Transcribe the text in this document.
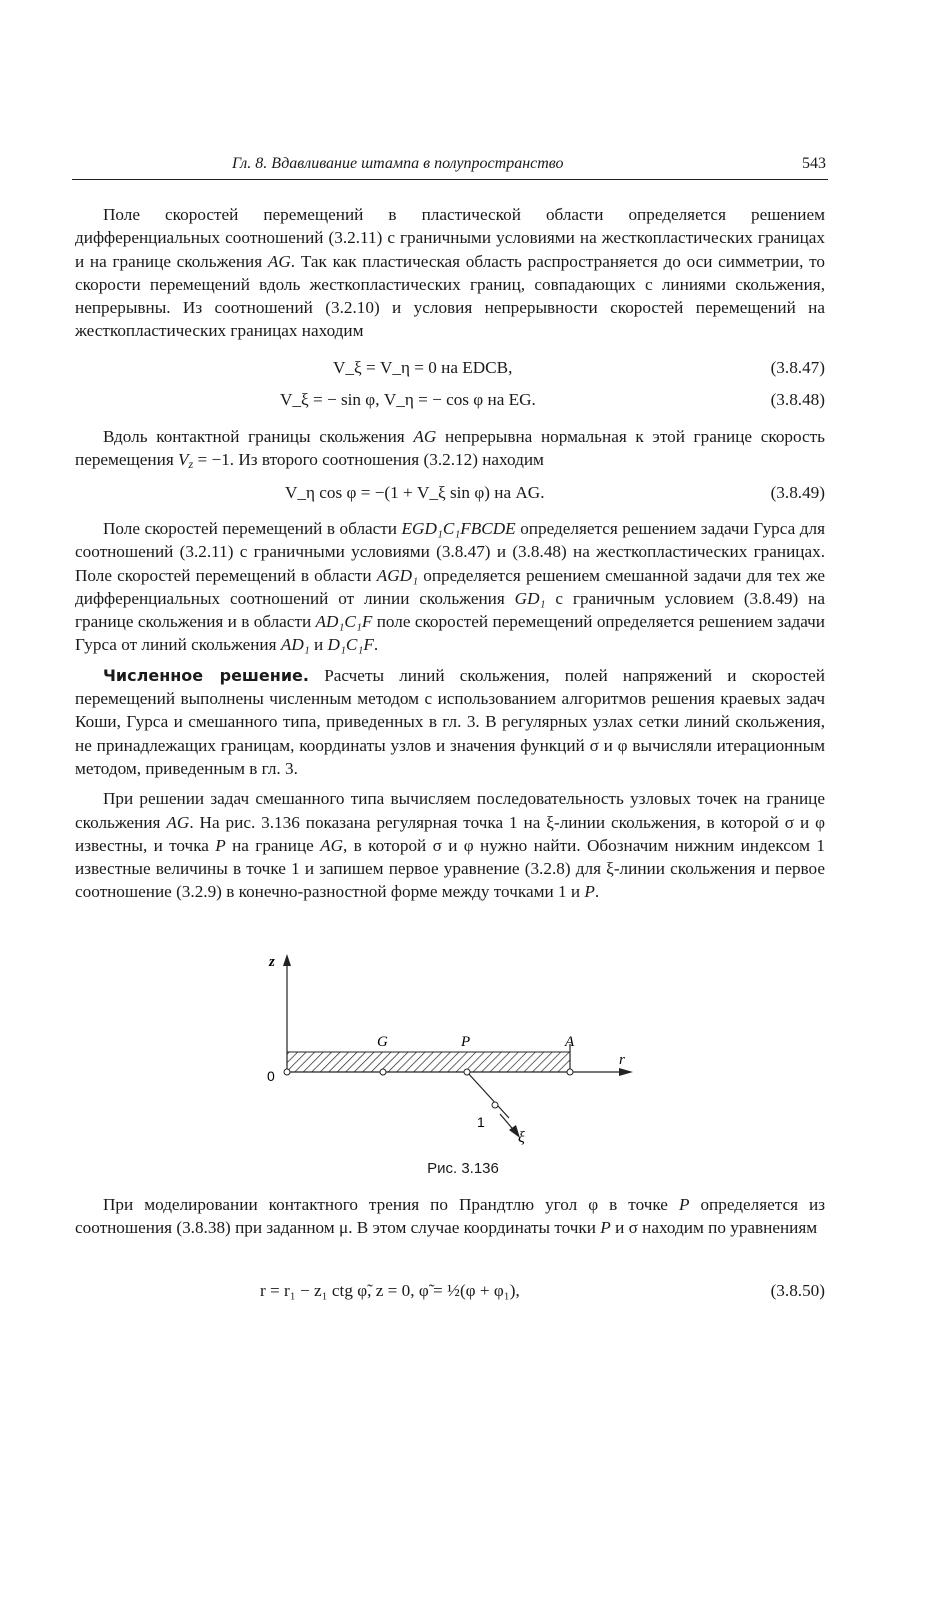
Гл. 8. Вдавливание штампа в полупространство	543

Поле скоростей перемещений в пластической области определяется решением дифференциальных соотношений (3.2.11) с граничными условиями на жесткопластических границах и на границе скольжения AG. Так как пластическая область распространяется до оси симметрии, то скорости перемещений вдоль жесткопластических границ, совпадающих с линиями скольжения, непрерывны. Из соотношений (3.2.10) и условия непрерывности скоростей перемещений на жесткопластических границах находим

V_ξ = V_η = 0 на EDCB,	(3.8.47)
V_ξ = − sin φ, V_η = − cos φ на EG.	(3.8.48)

Вдоль контактной границы скольжения AG непрерывна нормальная к этой границе скорость перемещения $V_z = -1$. Из второго соотношения (3.2.12) находим

V_η cos φ = −(1 + V_ξ sin φ) на AG.	(3.8.49)

Поле скоростей перемещений в области EGD₁C₁FBCDE определяется решением задачи Гурса для соотношений (3.2.11) с граничными условиями (3.8.47) и (3.8.48) на жесткопластических границах. Поле скоростей перемещений в области AGD₁ определяется решением смешанной задачи для тех же дифференциальных соотношений от линии скольжения GD₁ с граничным условием (3.8.49) на границе скольжения и в области AD₁C₁F поле скоростей перемещений определяется решением задачи Гурса от линий скольжения AD₁ и D₁C₁F.

Численное решение. Расчеты линий скольжения, полей напряжений и скоростей перемещений выполнены численным методом с использованием алгоритмов решения краевых задач Коши, Гурса и смешанного типа, приведенных в гл. 3. В регулярных узлах сетки линий скольжения, не принадлежащих границам, координаты узлов и значения функций σ и φ вычисляли итерационным методом, приведенным в гл. 3.

При решении задач смешанного типа вычисляем последовательность узловых точек на границе скольжения AG. На рис. 3.136 показана регулярная точка 1 на ξ-линии скольжения, в которой σ и φ известны, и точка P на границе AG, в которой σ и φ нужно найти. Обозначим нижним индексом 1 известные величины в точке 1 и запишем первое уравнение (3.2.8) для ξ-линии скольжения и первое соотношение (3.2.9) в конечно-разностной форме между точками 1 и P.

z
r
0
G	P	A
1
ξ
Рис. 3.136

При моделировании контактного трения по Прандтлю угол φ в точке P определяется из соотношения (3.8.38) при заданном μ. В этом случае координаты точки P и σ находим по уравнениям

r = r₁ − z₁ ctg φ̃, z = 0, φ̃ = ½(φ + φ₁),	(3.8.50)
